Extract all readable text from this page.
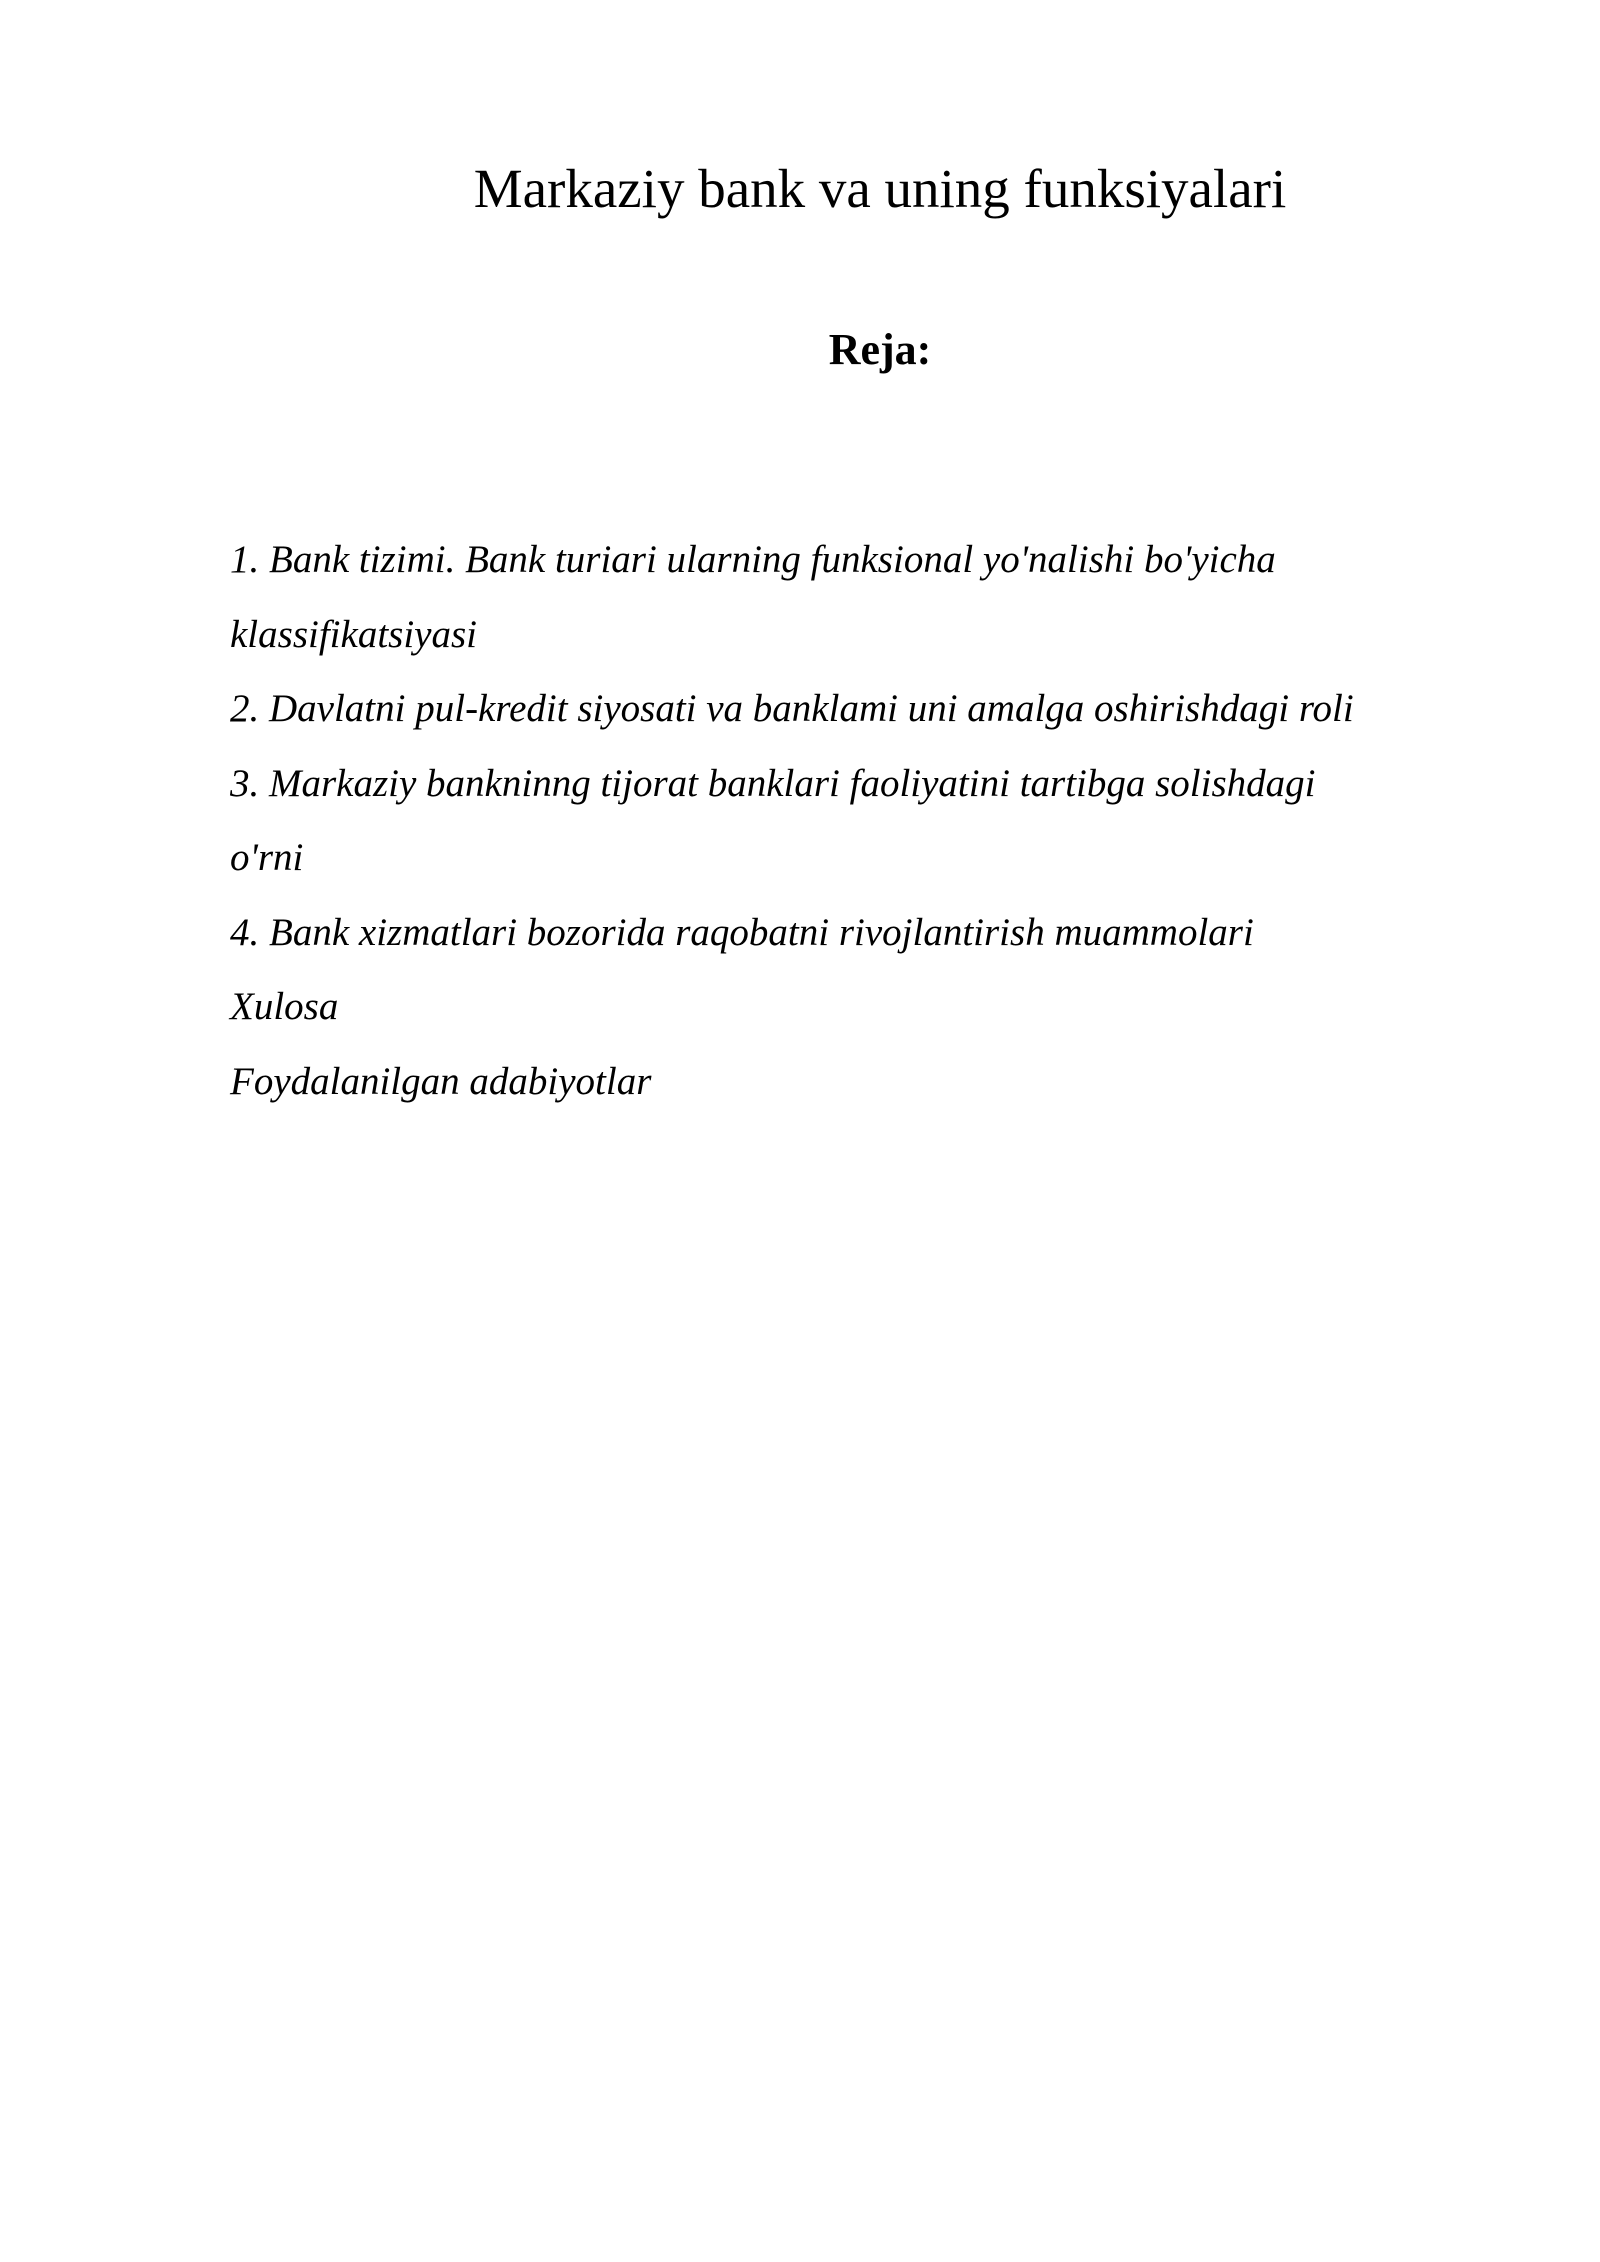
Markaziy bank va uning funksiyalari
Reja:
1. Bank tizimi. Bank turiari ularning funksional yo'nalishi bo'yicha
klassifikatsiyasi
2. Davlatni pul-kredit siyosati va banklami uni amalga oshirishdagi roli
3. Markaziy bankninng tijorat banklari faoliyatini tartibga solishdagi
o'rni
4. Bank xizmatlari bozorida raqobatni rivojlantirish muammolari
Xulosa
Foydalanilgan adabiyotlar
